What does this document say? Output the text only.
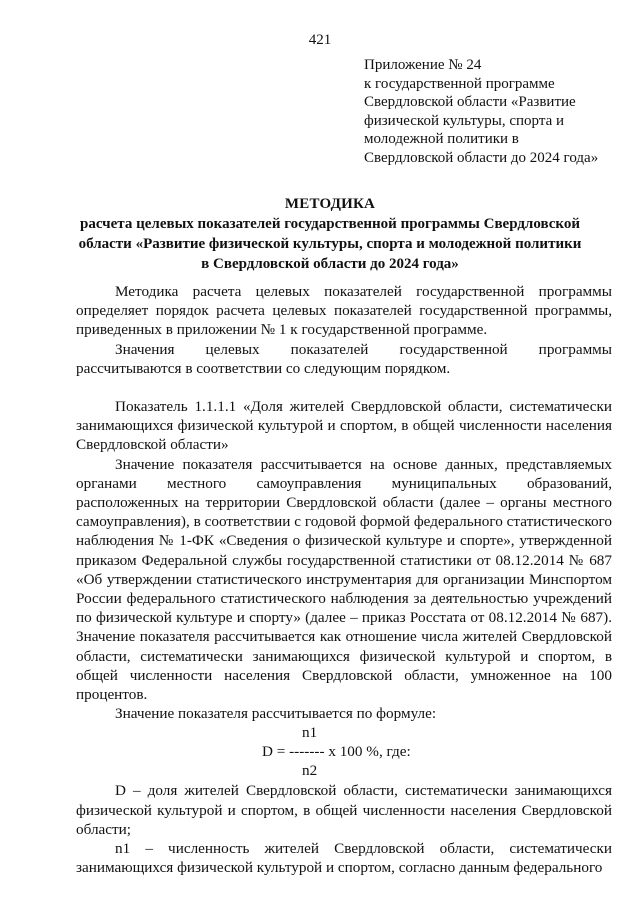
421
Приложение № 24
к государственной программе
Свердловской области «Развитие
физической культуры, спорта и
молодежной политики в
Свердловской области до 2024 года»
МЕТОДИКА
расчета целевых показателей государственной программы Свердловской
области «Развитие физической культуры, спорта и молодежной политики
в Свердловской области до 2024 года»

Методика расчета целевых показателей государственной программы определяет порядок расчета целевых показателей государственной программы, приведенных в приложении № 1 к государственной программе.

Значения целевых показателей государственной программы рассчитываются в соответствии со следующим порядком.

Показатель 1.1.1.1 «Доля жителей Свердловской области, систематически занимающихся физической культурой и спортом, в общей численности населения Свердловской области»

Значение показателя рассчитывается на основе данных, представляемых органами местного самоуправления муниципальных образований, расположенных на территории Свердловской области (далее – органы местного самоуправления), в соответствии с годовой формой федерального статистического наблюдения № 1-ФК «Сведения о физической культуре и спорте», утвержденной приказом Федеральной службы государственной статистики от 08.12.2014 № 687 «Об утверждении статистического инструментария для организации Минспортом России федерального статистического наблюдения за деятельностью учреждений по физической культуре и спорту» (далее – приказ Росстата от 08.12.2014 № 687). Значение показателя рассчитывается как отношение числа жителей Свердловской области, систематически занимающихся физической культурой и спортом, в общей численности населения Свердловской области, умноженное на 100 процентов.

Значение показателя рассчитывается по формуле:

n1
D = ------- x 100 %, где:
n2

D – доля жителей Свердловской области, систематически занимающихся физической культурой и спортом, в общей численности населения Свердловской области;

n1 – численность жителей Свердловской области, систематически занимающихся физической культурой и спортом, согласно данным федерального
